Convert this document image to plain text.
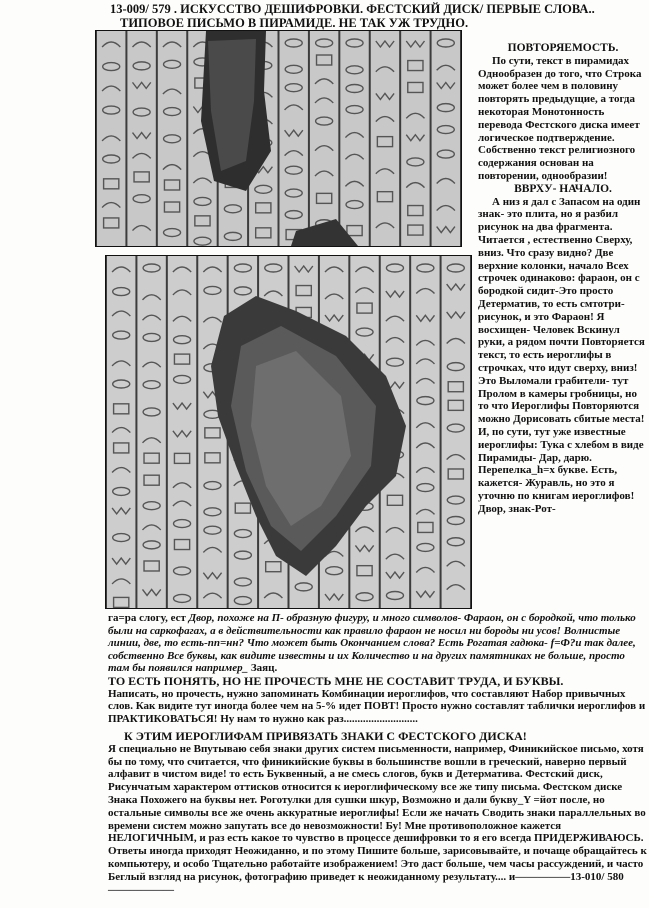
13-009/ 579 . ИСКУССТВО ДЕШИФРОВКИ. ФЕСТСКИЙ ДИСК/ ПЕРВЫЕ СЛОВА..
ТИПОВОЕ ПИСЬМО В ПИРАМИДЕ. НЕ ТАК УЖ ТРУДНО.
ПОВТОРЯЕМОСТЬ.

По сути, текст в пирамидах Однообразен до того, что Строка может более чем в половину повторять предыдущие, а тогда некоторая Монотонность перевода Фестского диска имеет логическое подтверждение. Собственно текст религиозного содержания основан на повторении, однообразии!

ВВРХУ- НАЧАЛО.

А низ я дал с Запасом на один знак- это плита, но я разбил рисунок на два фрагмента. Читается , естественно Сверху, вниз. Что сразу видно? Две верхние колонки, начало Всех строчек одинаково: фараон, он с бородкой сидит-Это просто Детерматив, то есть смтотри-рисунок, и это Фараон! Я восхищен- Человек Вскинул руки, а рядом почти Повторяется текст, то есть иероглифы в строчках, что идут сверху, вниз! Это Выломали грабители- тут Пролом в камеры гробницы, но то что Иероглифы Повторяются можно Дорисовать сбитые места! И, по сути, тут уже известные иероглифы: Тука с хлебом в виде Пирамиды- Дар, дарю. Перепелка_h=x букве. Есть, кажется- Журавль, но это я уточню по книгам иероглифов! Двор, знак-Рот-

га=ра слогу, ест Двор, похоже на П- образную фигуру, и много символов- Фараон, он с бородкой, что только были на саркофагах, а в действительности как правило фараон не носил ни бороды ни усов! Волнистые линии, две, то есть-nn=нн? Что может быть Окончанием слова? Есть Рогатая гадюка- f=Ф?и так далее, собственно Все буквы, как видите известны и их Количество и на других памятниках не больше, просто там бы появился например_ Заяц.
ТО ЕСТЬ ПОНЯТЬ, НО НЕ ПРОЧЕСТЬ МНЕ НЕ СОСТАВИТ ТРУДА, И БУКВЫ.
Написать, но прочесть, нужно запоминать Комбинации иероглифов, что составляют Набор привычных слов. Как видите тут иногда более чем на 5-% идет ПОВТ! Просто нужно составлят таблички иероглифов и ПРАКТИКОВАТЬСЯ! Ну нам то нужно как раз...........................
К ЭТИМ ИЕРОГЛИФАМ ПРИВЯЗАТЬ ЗНАКИ С ФЕСТСКОГО ДИСКА!
Я специально не Впутываю себя знаки других систем письменности, например, Финикийское письмо, хотя бы по тому, что считается, что финикийские буквы в большинстве вошли в греческий, наверно первый алфавит в чистом виде! то есть Буквенный, а не смесь слогов, букв и Детерматива. Фестский диск, Рисунчатым характером оттисков относится к иероглифическому все же типу письма. Фестском диске Знака Похожего на буквы нет. Роготулки для сушки шкур, Возможно и дали букву_Y =йот после, но остальные символы все же очень аккуратные иероглифы! Если же начать Сводить знаки параллельных во времени систем можно запутать все до невозможности! Бу! Мне противоположное кажется НЕЛОГИЧНЫМ, и раз есть какое то чувство в процессе дешифровки то я его всегда ПРИДЕРЖИВАЮСЬ. Ответы иногда приходят Неожиданно, и по этому Пишите больше, зарисовывайте, и почаще обращайтесь к компьютеру, и особо Тщательно работайте изображением! Это даст больше, чем часы рассуждений, и часто Беглый взгляд на рисунок, фотографию приведет к неожиданному результату.... и—————13-010/ 580——————
